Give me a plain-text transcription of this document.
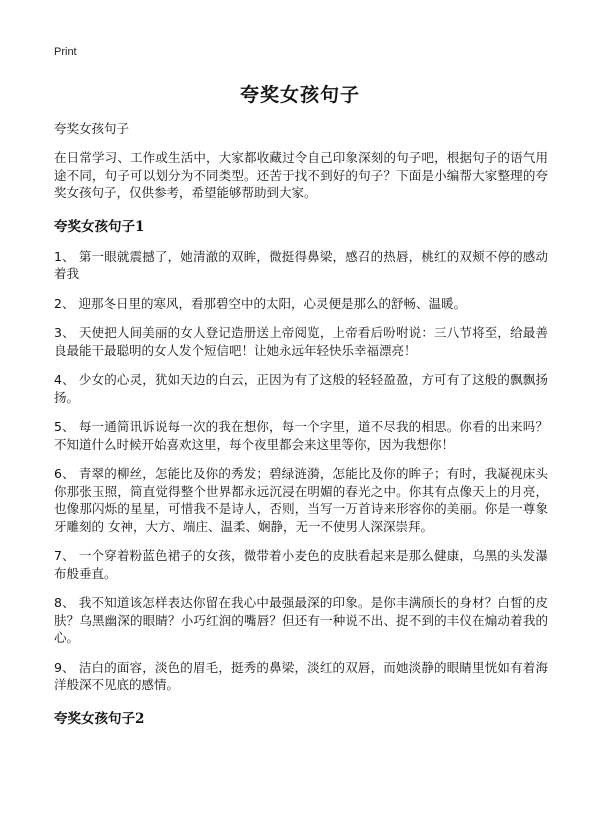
Print
夸奖女孩句子
夸奖女孩句子
在日常学习、工作或生活中，大家都收藏过令自己印象深刻的句子吧，根据句子的语气用途不同，句子可以划分为不同类型。还苦于找不到好的句子？下面是小编帮大家整理的夸奖女孩句子，仅供参考，希望能够帮助到大家。
夸奖女孩句子1
1、 第一眼就震撼了，她清澈的双眸，微挺得鼻梁，感召的热唇，桃红的双颊不停的感动着我
2、 迎那冬日里的寒风，看那碧空中的太阳，心灵便是那么的舒畅、温暖。
3、 天使把人间美丽的女人登记造册送上帝阅览，上帝看后吩咐说：三八节将至，给最善良最能干最聪明的女人发个短信吧！让她永远年轻快乐幸福漂亮！
4、 少女的心灵，犹如天边的白云，正因为有了这般的轻轻盈盈，方可有了这般的飘飘扬扬。
5、 每一通简讯诉说每一次的我在想你，每一个字里，道不尽我的相思。你看的出来吗？不知道什么时候开始喜欢这里，每个夜里都会来这里等你，因为我想你！
6、 青翠的柳丝，怎能比及你的秀发；碧绿涟漪，怎能比及你的眸子；有时，我凝视床头你那张玉照，简直觉得整个世界都永远沉浸在明媚的春光之中。你其有点像天上的月亮，也像那闪烁的星星，可惜我不是诗人，否则，当写一万首诗来形容你的美丽。你是一尊象牙雕刻的 女神，大方、端庄、温柔、娴静，无一不使男人深深崇拜。
7、 一个穿着粉蓝色裙子的女孩，微带着小麦色的皮肤看起来是那么健康，乌黑的头发瀑布般垂直。
8、 我不知道该怎样表达你留在我心中最强最深的印象。是你丰满颀长的身材？白皙的皮肤？乌黑幽深的眼睛？小巧红润的嘴唇？但还有一种说不出、捉不到的丰仪在煽动着我的心。
9、 洁白的面容，淡色的眉毛，挺秀的鼻梁，淡红的双唇，而她淡静的眼睛里恍如有着海洋般深不见底的感情。
夸奖女孩句子2
